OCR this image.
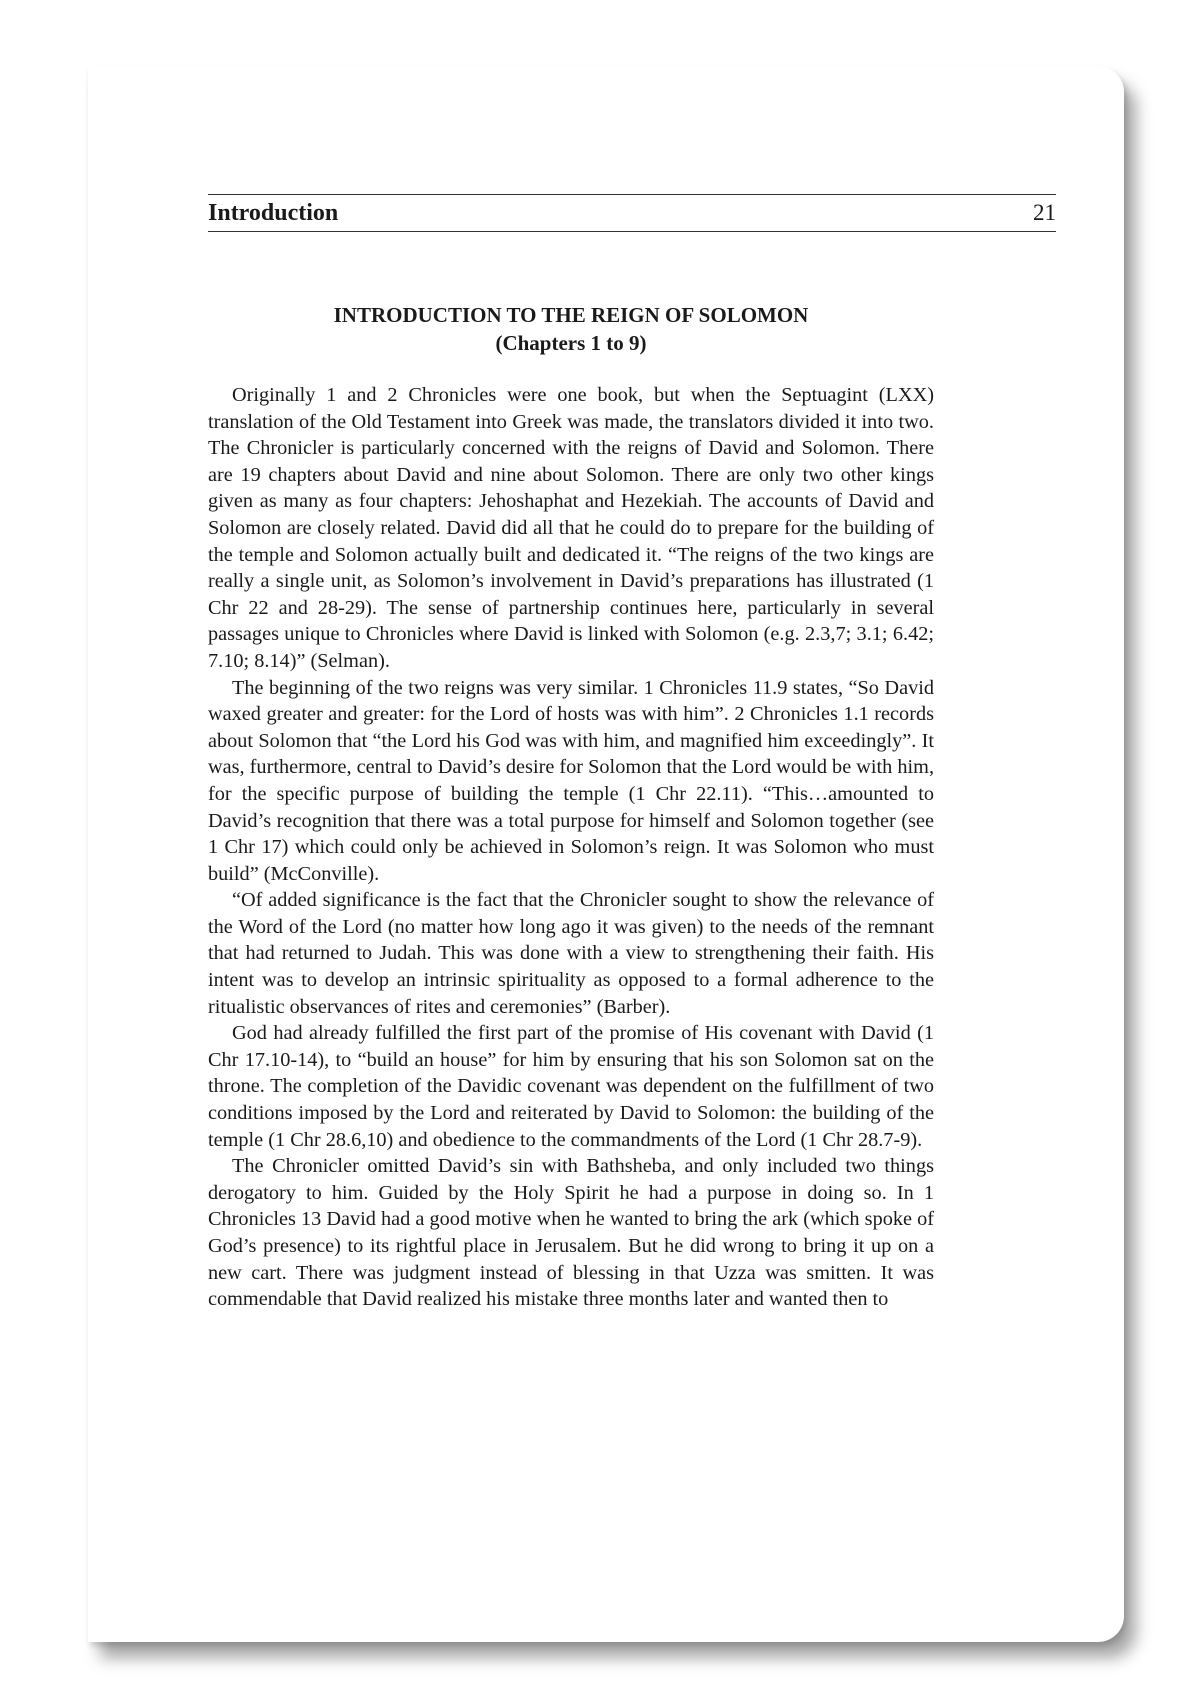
Introduction	21
INTRODUCTION TO THE REIGN OF SOLOMON
(Chapters 1 to 9)

Originally 1 and 2 Chronicles were one book, but when the Septuagint (LXX) translation of the Old Testament into Greek was made, the translators divided it into two. The Chronicler is particularly concerned with the reigns of David and Solomon. There are 19 chapters about David and nine about Solomon. There are only two other kings given as many as four chapters: Jehoshaphat and Hezekiah. The accounts of David and Solomon are closely related. David did all that he could do to prepare for the building of the temple and Solomon actually built and dedicated it. “The reigns of the two kings are really a single unit, as Solomon’s involvement in David’s preparations has illustrated (1 Chr 22 and 28-29). The sense of partnership continues here, particularly in several passages unique to Chronicles where David is linked with Solomon (e.g. 2.3,7; 3.1; 6.42; 7.10; 8.14)” (Selman).

The beginning of the two reigns was very similar. 1 Chronicles 11.9 states, “So David waxed greater and greater: for the Lord of hosts was with him”. 2 Chronicles 1.1 records about Solomon that “the Lord his God was with him, and magnified him exceedingly”. It was, furthermore, central to David’s desire for Solomon that the Lord would be with him, for the specific purpose of building the temple (1 Chr 22.11). “This…amounted to David’s recognition that there was a total purpose for himself and Solomon together (see 1 Chr 17) which could only be achieved in Solomon’s reign. It was Solomon who must build” (McConville).

“Of added significance is the fact that the Chronicler sought to show the relevance of the Word of the Lord (no matter how long ago it was given) to the needs of the remnant that had returned to Judah. This was done with a view to strengthening their faith. His intent was to develop an intrinsic spirituality as opposed to a formal adherence to the ritualistic observances of rites and ceremonies” (Barber).

God had already fulfilled the first part of the promise of His covenant with David (1 Chr 17.10-14), to “build an house” for him by ensuring that his son Solomon sat on the throne. The completion of the Davidic covenant was dependent on the fulfillment of two conditions imposed by the Lord and reiterated by David to Solomon: the building of the temple (1 Chr 28.6,10) and obedience to the commandments of the Lord (1 Chr 28.7-9).

The Chronicler omitted David’s sin with Bathsheba, and only included two things derogatory to him. Guided by the Holy Spirit he had a purpose in doing so. In 1 Chronicles 13 David had a good motive when he wanted to bring the ark (which spoke of God’s presence) to its rightful place in Jerusalem. But he did wrong to bring it up on a new cart. There was judgment instead of blessing in that Uzza was smitten. It was commendable that David realized his mistake three months later and wanted then to
